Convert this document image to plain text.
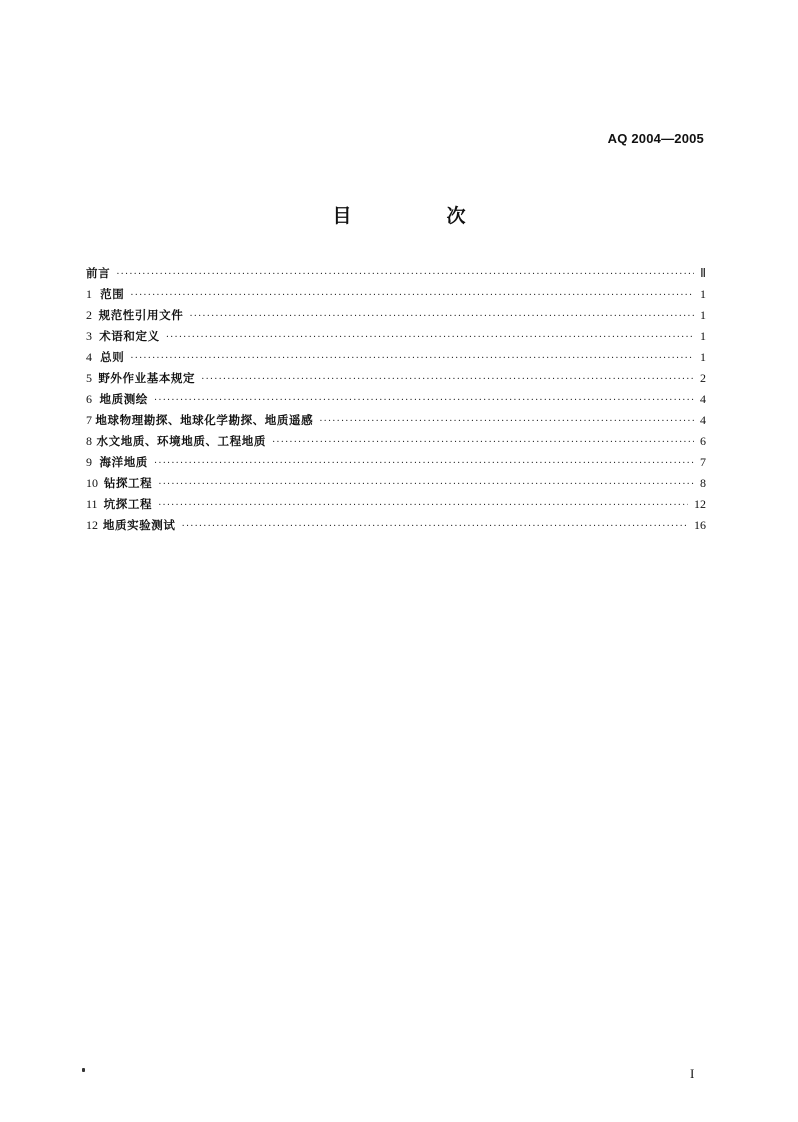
AQ 2004—2005
目　次
前言 ·····	Ⅱ
1 范围 ·····	1
2 规范性引用文件 ·····	1
3 术语和定义 ·····	1
4 总则 ·····	1
5 野外作业基本规定 ·····	2
6 地质测绘 ·····	4
7 地球物理勘探、地球化学勘探、地质遥感 ·····	4
8 水文地质、环境地质、工程地质 ·····	6
9 海洋地质 ·····	7
10 钻探工程 ·····	8
11 坑探工程 ·····	12
12 地质实验测试 ·····	16
I
